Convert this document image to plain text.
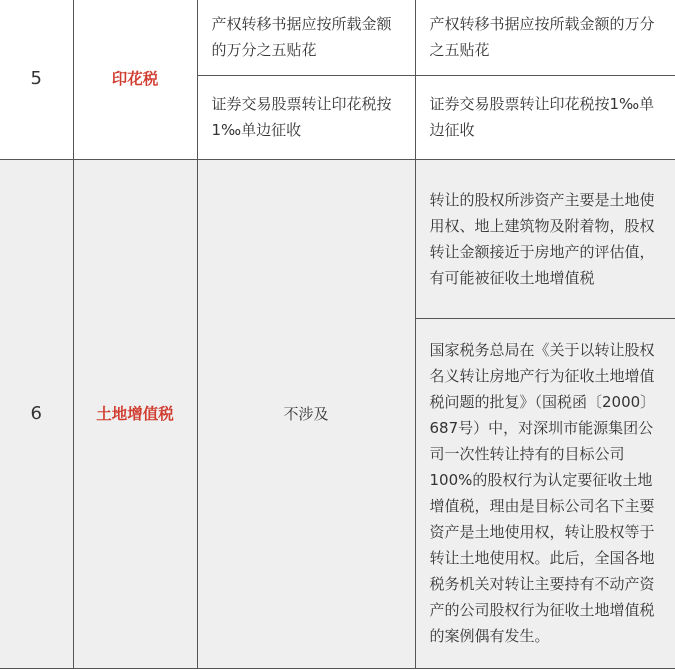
5	印花税	产权转移书据应按所载金额的万分之五贴花	产权转移书据应按所载金额的万分之五贴花
		证券交易股票转让印花税按1‰单边征收	证券交易股票转让印花税按1‰单边征收
6	土地增值税	不涉及	转让的股权所涉资产主要是土地使用权、地上建筑物及附着物，股权转让金额接近于房地产的评估值，有可能被征收土地增值税
			国家税务总局在《关于以转让股权名义转让房地产行为征收土地增值税问题的批复》（国税函〔2000〕687号）中，对深圳市能源集团公司一次性转让持有的目标公司100%的股权行为认定要征收土地增值税，理由是目标公司名下主要资产是土地使用权，转让股权等于转让土地使用权。此后，全国各地税务机关对转让主要持有不动产资产的公司股权行为征收土地增值税的案例偶有发生。
